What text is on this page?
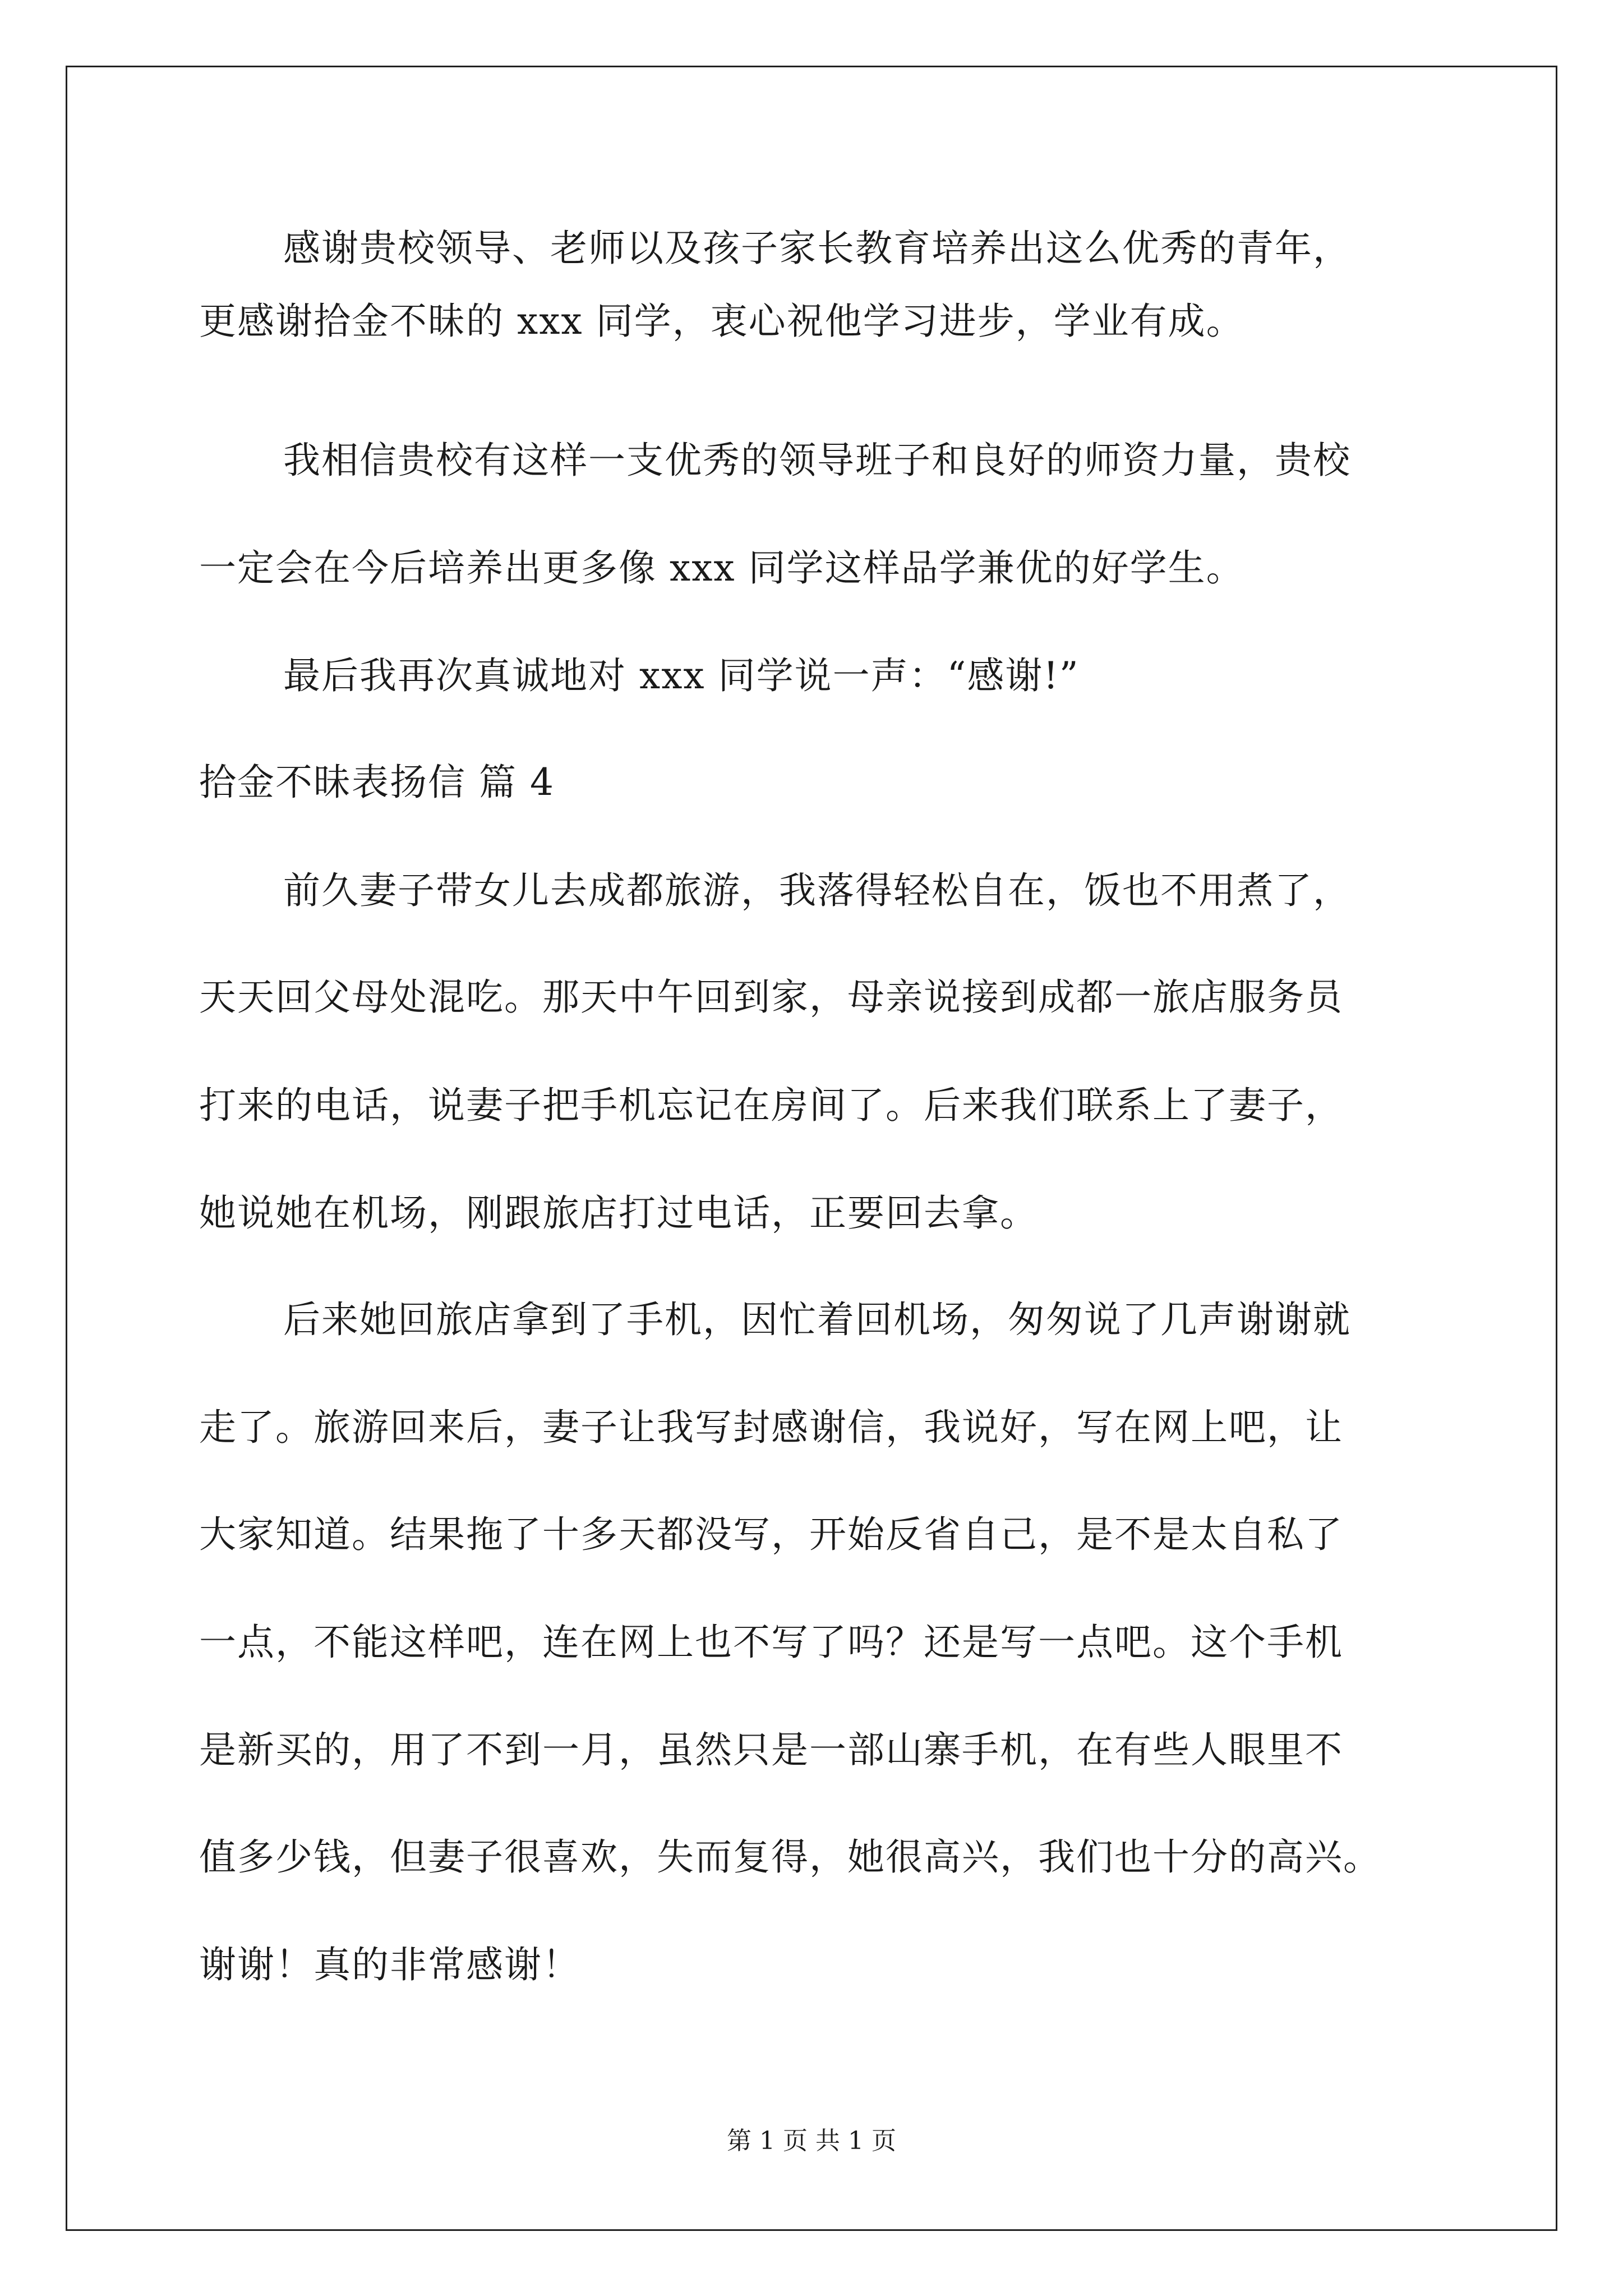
感谢贵校领导、老师以及孩子家长教育培养出这么优秀的青年，
更感谢拾金不昧的 xxx 同学，衷心祝他学习进步，学业有成。
我相信贵校有这样一支优秀的领导班子和良好的师资力量，贵校
一定会在今后培养出更多像 xxx 同学这样品学兼优的好学生。
最后我再次真诚地对 xxx 同学说一声：“感谢!”
拾金不昧表扬信 篇 4
前久妻子带女儿去成都旅游，我落得轻松自在，饭也不用煮了，
天天回父母处混吃。那天中午回到家，母亲说接到成都一旅店服务员
打来的电话，说妻子把手机忘记在房间了。后来我们联系上了妻子，
她说她在机场，刚跟旅店打过电话，正要回去拿。
后来她回旅店拿到了手机，因忙着回机场，匆匆说了几声谢谢就
走了。旅游回来后，妻子让我写封感谢信，我说好，写在网上吧，让
大家知道。结果拖了十多天都没写，开始反省自己，是不是太自私了
一点，不能这样吧，连在网上也不写了吗？还是写一点吧。这个手机
是新买的，用了不到一月，虽然只是一部山寨手机，在有些人眼里不
值多少钱，但妻子很喜欢，失而复得，她很高兴，我们也十分的高兴。
谢谢！真的非常感谢！
第 1 页 共 1 页
